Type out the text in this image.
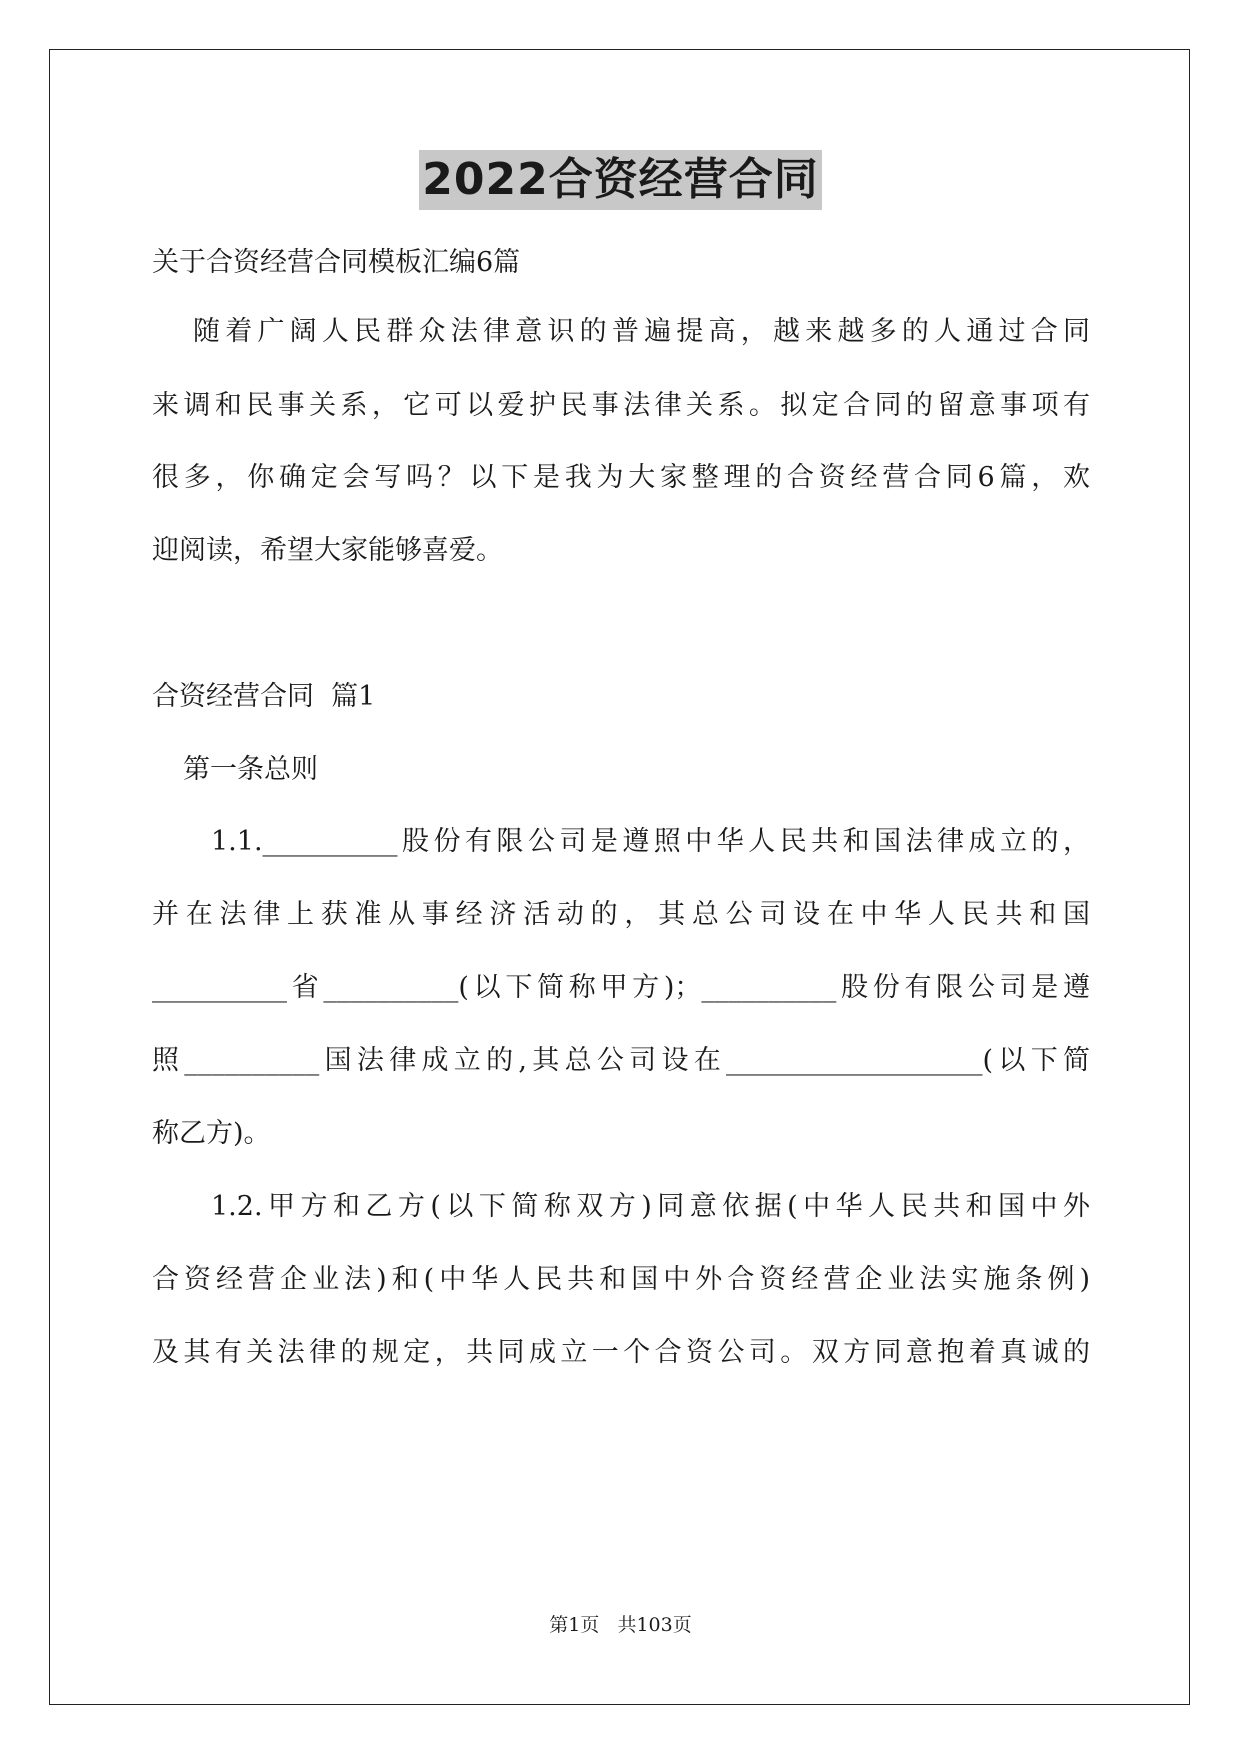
2022合资经营合同
关于合资经营合同模板汇编6篇
随着广阔人民群众法律意识的普遍提高，越来越多的人通过合同
来调和民事关系，它可以爱护民事法律关系。拟定合同的留意事项有
很多，你确定会写吗？以下是我为大家整理的合资经营合同6篇，欢
迎阅读，希望大家能够喜爱。
合资经营合同  篇1
第一条总则
1.1.__________股份有限公司是遵照中华人民共和国法律成立的，
并在法律上获准从事经济活动的，其总公司设在中华人民共和国
__________省__________(以下简称甲方)；__________股份有限公司是遵
照__________国法律成立的,其总公司设在___________________(以下简
称乙方)。
1.2.甲方和乙方(以下简称双方)同意依据(中华人民共和国中外
合资经营企业法)和(中华人民共和国中外合资经营企业法实施条例)
及其有关法律的规定，共同成立一个合资公司。双方同意抱着真诚的
第1页   共103页
